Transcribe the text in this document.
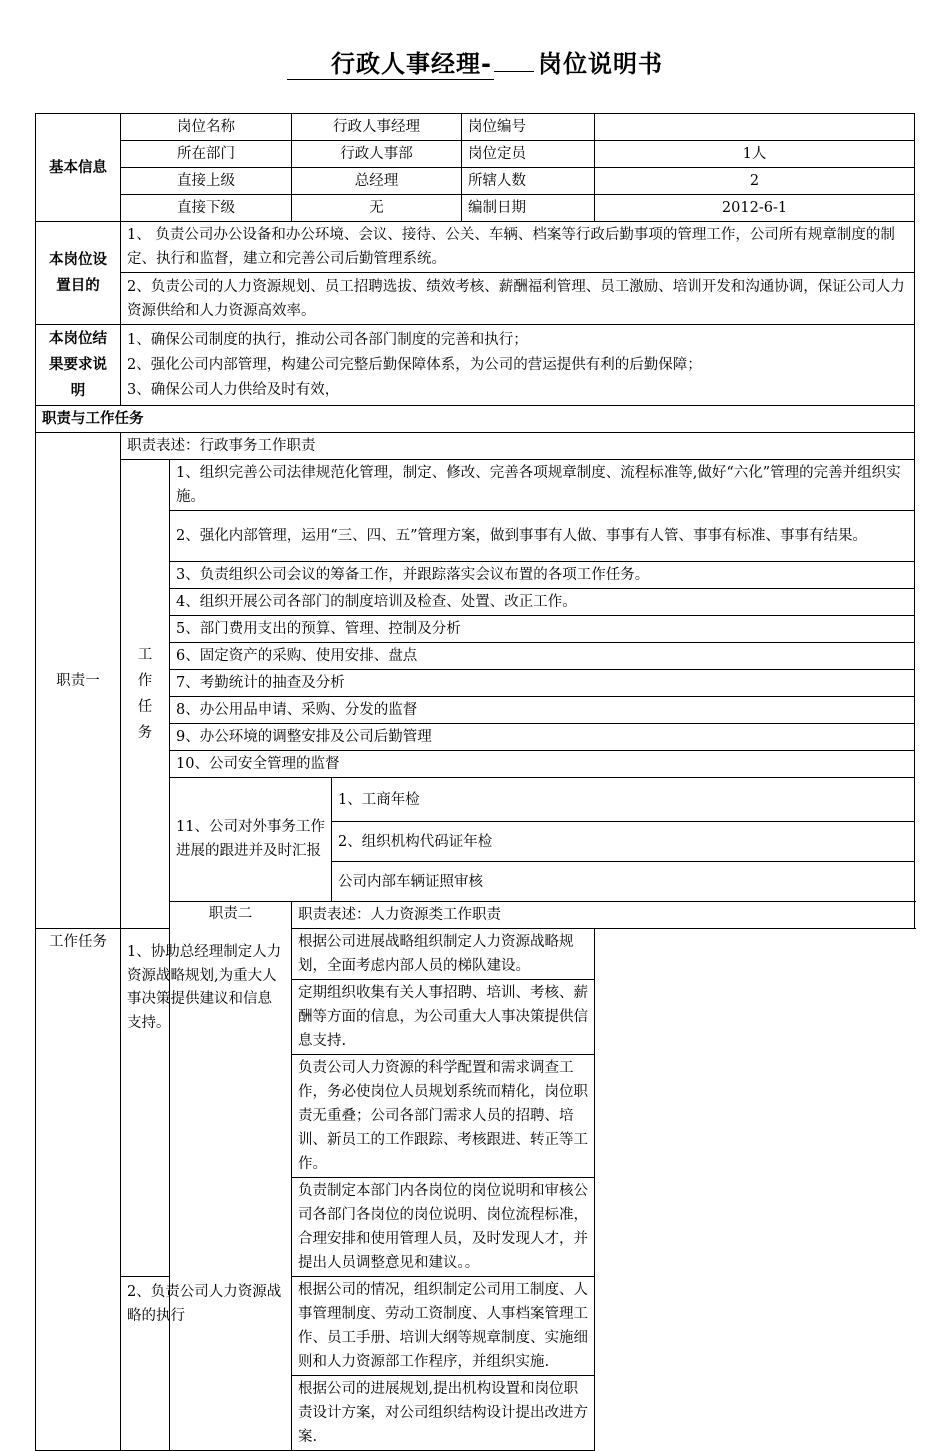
行政人事经理- 岗位说明书
基本信息	岗位名称		行政人事经理		岗位编号	
	所在部门		行政人事部		岗位定员	1人
	直接上级		总经理		所辖人数	2
	直接下级		无		编制日期	2012-6-1
本岗位设置目的	1、 负责公司办公设备和办公环境、会议、接待、公关、车辆、档案等行政后勤事项的管理工作，公司所有规章制度的制定、执行和监督，建立和完善公司后勤管理系统。					
	2、负责公司的人力资源规划、员工招聘选拔、绩效考核、薪酬福利管理、员工激励、培训开发和沟通协调，保证公司人力资源供给和人力资源高效率。					
本岗位结果要求说明	1、确保公司制度的执行，推动公司各部门制度的完善和执行；
2、强化公司内部管理，构建公司完整后勤保障体系，为公司的营运提供有利的后勤保障；
3、确保公司人力供给及时有效，					

职责与工作任务						
职责一	职责表述：行政事务工作职责					
	工作任务	1、组织完善公司法律规范化管理，制定、修改、完善各项规章制度、流程标准等,做好“六化”管理的完善并组织实施。				
		2、强化内部管理，运用“三、四、五”管理方案，做到事事有人做、事事有人管、事事有标准、事事有结果。				
		3、负责组织公司会议的筹备工作，并跟踪落实会议布置的各项工作任务。				
		4、组织开展公司各部门的制度培训及检查、处置、改正工作。				
		5、部门费用支出的预算、管理、控制及分析				
		6、固定资产的采购、使用安排、盘点				
		7、考勤统计的抽查及分析				
		8、办公用品申请、采购、分发的监督				
		9、办公环境的调整安排及公司后勤管理				
		10、公司安全管理的监督				
		11、公司对外事务工作进展的跟进并及时汇报		1、工商年检		
				2、组织机构代码证年检		
				公司内部车辆证照审核		
		职责二	职责表述：人力资源类工作职责			
工作任务	1、协助总经理制定人力资源战略规划,为重大人事决策提供建议和信息支持。		根据公司进展战略组织制定人力资源战略规划，全面考虑内部人员的梯队建设。			
			定期组织收集有关人事招聘、培训、考核、薪酬等方面的信息，为公司重大人事决策提供信息支持.			
			负责公司人力资源的科学配置和需求调查工作，务必使岗位人员规划系统而精化，岗位职责无重叠；公司各部门需求人员的招聘、培训、新员工的工作跟踪、考核跟进、转正等工作。			
			负责制定本部门内各岗位的岗位说明和审核公司各部门各岗位的岗位说明、岗位流程标准，合理安排和使用管理人员，及时发现人才，并提出人员调整意见和建议。。			
	2、负责公司人力资源战略的执行		根据公司的情况，组织制定公司用工制度、人事管理制度、劳动工资制度、人事档案管理工作、员工手册、培训大纲等规章制度、实施细则和人力资源部工作程序，并组织实施.			
			根据公司的进展规划,提出机构设置和岗位职责设计方案，对公司组织结构设计提出改进方案.			
